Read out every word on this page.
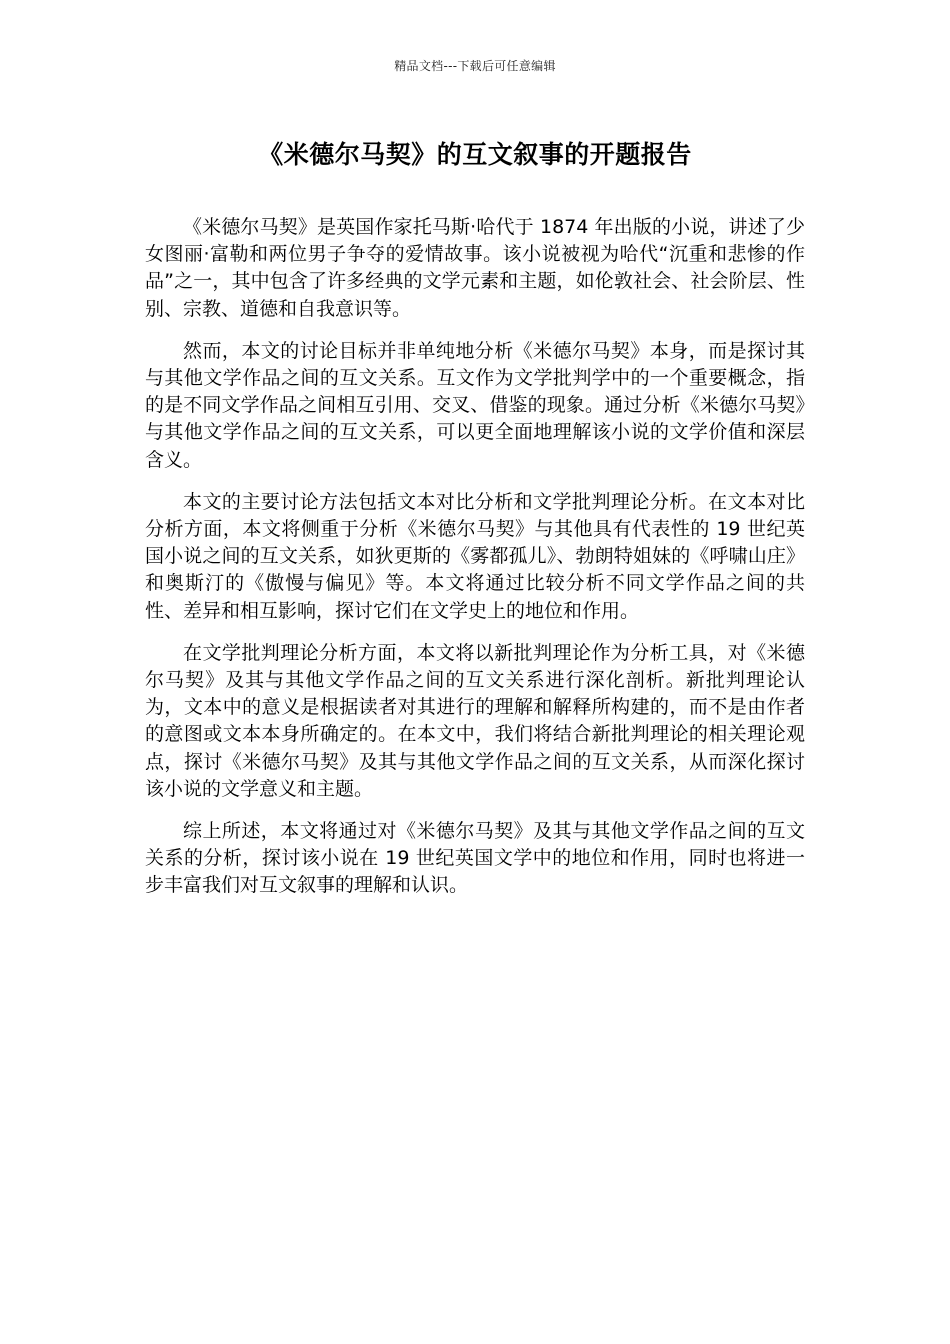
精品文档---下载后可任意编辑
《米德尔马契》的互文叙事的开题报告

《米德尔马契》是英国作家托马斯·哈代于 1874 年出版的小说，讲述了少女图丽·富勒和两位男子争夺的爱情故事。该小说被视为哈代“沉重和悲惨的作品”之一，其中包含了许多经典的文学元素和主题，如伦敦社会、社会阶层、性别、宗教、道德和自我意识等。

然而，本文的讨论目标并非单纯地分析《米德尔马契》本身，而是探讨其与其他文学作品之间的互文关系。互文作为文学批判学中的一个重要概念，指的是不同文学作品之间相互引用、交叉、借鉴的现象。通过分析《米德尔马契》与其他文学作品之间的互文关系，可以更全面地理解该小说的文学价值和深层含义。

本文的主要讨论方法包括文本对比分析和文学批判理论分析。在文本对比分析方面，本文将侧重于分析《米德尔马契》与其他具有代表性的 19 世纪英国小说之间的互文关系，如狄更斯的《雾都孤儿》、勃朗特姐妹的《呼啸山庄》和奥斯汀的《傲慢与偏见》等。本文将通过比较分析不同文学作品之间的共性、差异和相互影响，探讨它们在文学史上的地位和作用。

在文学批判理论分析方面，本文将以新批判理论作为分析工具，对《米德尔马契》及其与其他文学作品之间的互文关系进行深化剖析。新批判理论认为，文本中的意义是根据读者对其进行的理解和解释所构建的，而不是由作者的意图或文本本身所确定的。在本文中，我们将结合新批判理论的相关理论观点，探讨《米德尔马契》及其与其他文学作品之间的互文关系，从而深化探讨该小说的文学意义和主题。

综上所述，本文将通过对《米德尔马契》及其与其他文学作品之间的互文关系的分析，探讨该小说在 19 世纪英国文学中的地位和作用，同时也将进一步丰富我们对互文叙事的理解和认识。
